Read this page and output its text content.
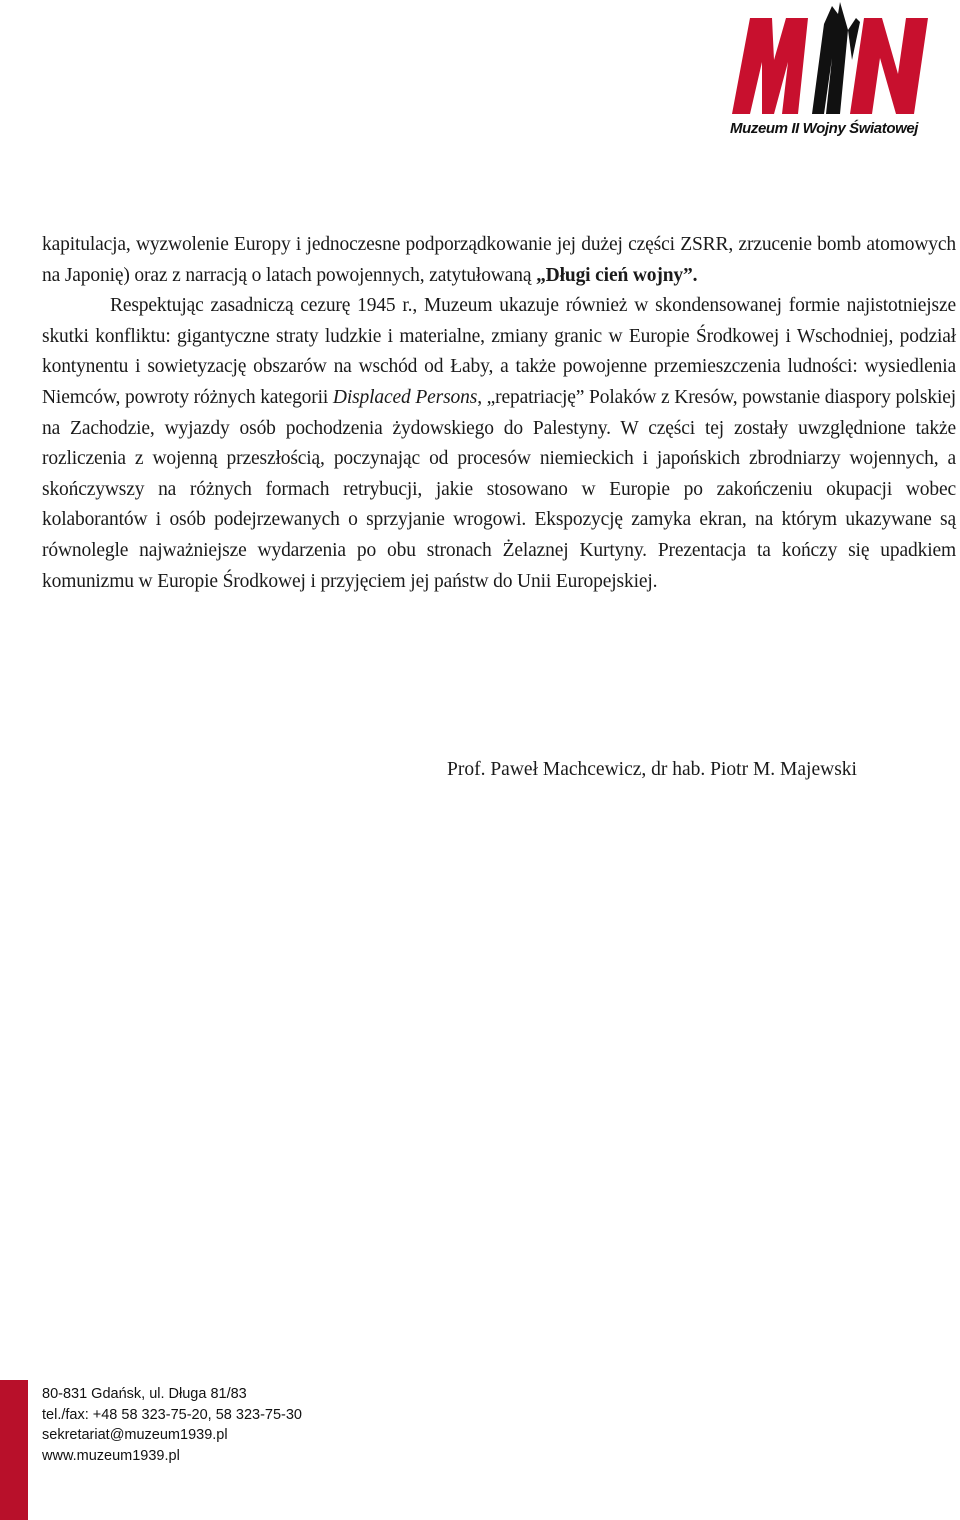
Muzeum II Wojny Światowej

kapitulacja, wyzwolenie Europy i jednoczesne podporządkowanie jej dużej części ZSRR, zrzucenie bomb atomowych na Japonię) oraz z narracją o latach powojennych, zatytułowaną „Długi cień wojny”.

Respektując zasadniczą cezurę 1945 r., Muzeum ukazuje również w skondensowanej formie najistotniejsze skutki konfliktu: gigantyczne straty ludzkie i materialne, zmiany granic w Europie Środkowej i Wschodniej, podział kontynentu i sowietyzację obszarów na wschód od Łaby, a także powojenne przemieszczenia ludności: wysiedlenia Niemców, powroty różnych kategorii Displaced Persons, „repatriację” Polaków z Kresów, powstanie diaspory polskiej na Zachodzie, wyjazdy osób pochodzenia żydowskiego do Palestyny. W części tej zostały uwzględnione także rozliczenia z wojenną przeszłością, poczynając od procesów niemieckich i japońskich zbrodniarzy wojennych, a skończywszy na różnych formach retrybucji, jakie stosowano w Europie po zakończeniu okupacji wobec kolaborantów i osób podejrzewanych o sprzyjanie wrogowi. Ekspozycję zamyka ekran, na którym ukazywane są równolegle najważniejsze wydarzenia po obu stronach Żelaznej Kurtyny. Prezentacja ta kończy się upadkiem komunizmu w Europie Środkowej i przyjęciem jej państw do Unii Europejskiej.

Prof. Paweł Machcewicz, dr hab. Piotr M. Majewski
80-831 Gdańsk, ul. Długa 81/83
tel./fax: +48 58 323-75-20, 58 323-75-30
sekretariat@muzeum1939.pl
www.muzeum1939.pl
